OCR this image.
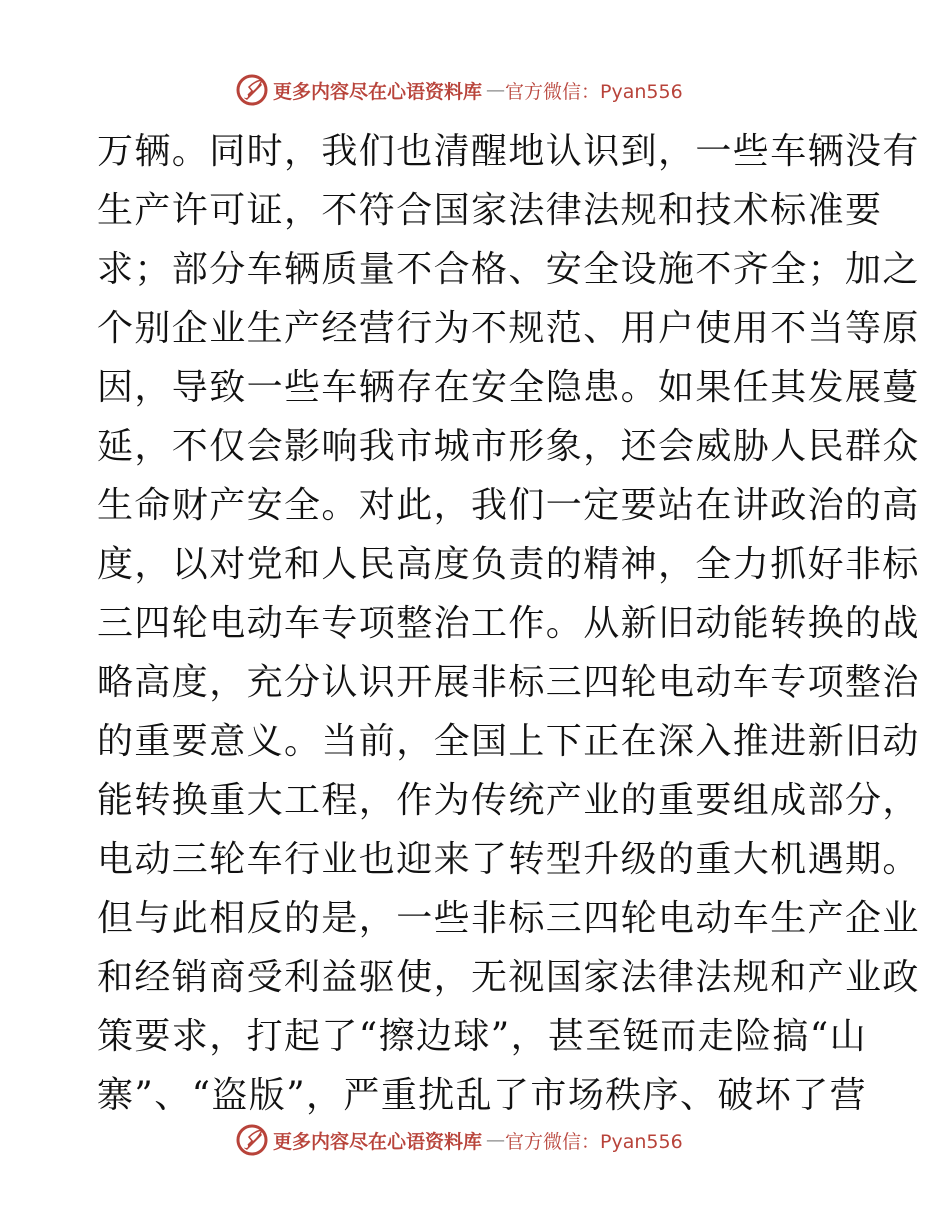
更多内容尽在心语资料库 — 官方微信：Pyan556
万辆。同时，我们也清醒地认识到，一些车辆没有
生产许可证，不符合国家法律法规和技术标准要
求；部分车辆质量不合格、安全设施不齐全；加之
个别企业生产经营行为不规范、用户使用不当等原
因，导致一些车辆存在安全隐患。如果任其发展蔓
延，不仅会影响我市城市形象，还会威胁人民群众
生命财产安全。对此，我们一定要站在讲政治的高
度，以对党和人民高度负责的精神，全力抓好非标
三四轮电动车专项整治工作。从新旧动能转换的战
略高度，充分认识开展非标三四轮电动车专项整治
的重要意义。当前，全国上下正在深入推进新旧动
能转换重大工程，作为传统产业的重要组成部分，
电动三轮车行业也迎来了转型升级的重大机遇期。
但与此相反的是，一些非标三四轮电动车生产企业
和经销商受利益驱使，无视国家法律法规和产业政
策要求，打起了“擦边球”，甚至铤而走险搞“山
寨”、“盗版”，严重扰乱了市场秩序、破坏了营
更多内容尽在心语资料库 — 官方微信：Pyan556
